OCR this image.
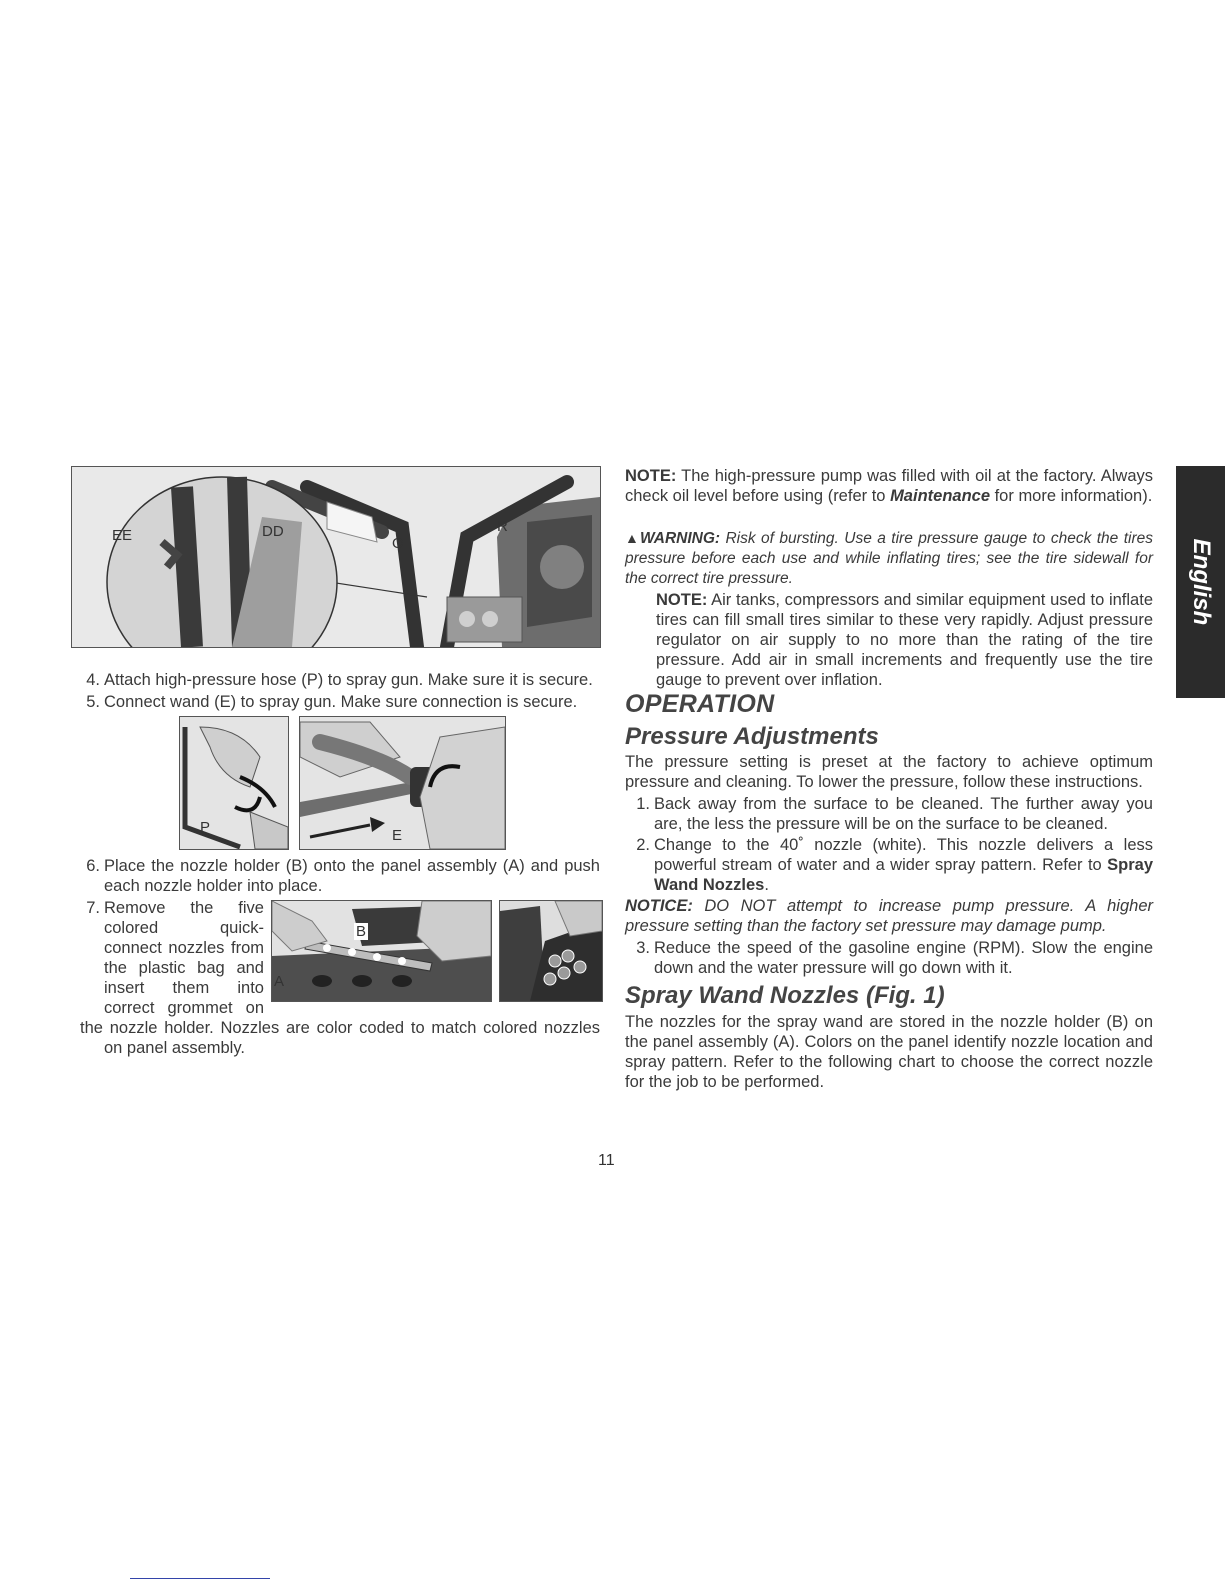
EE	DD
O
R
4. Attach high-pressure hose (P) to spray gun. Make sure it is secure.
5. Connect wand (E) to spray gun. Make sure connection is secure.
P	E
6. Place the nozzle holder (B) onto the panel assembly (A) and push each nozzle holder into place.
7. Remove the five
colored quick-
connect nozzles from
the plastic bag and
insert them into
correct grommet on
the nozzle holder. Nozzles are color coded to match colored nozzles on panel assembly.
B
A
NOTE: The high-pressure pump was filled with oil at the factory. Always check oil level before using (refer to Maintenance for more information).
▲WARNING: Risk of bursting. Use a tire pressure gauge to check the tires pressure before each use and while inflating tires; see the tire sidewall for the correct tire pressure.
NOTE: Air tanks, compressors and similar equipment used to inflate tires can fill small tires similar to these very rapidly. Adjust pressure regulator on air supply to no more than the rating of the tire pressure. Add air in small increments and frequently use the tire gauge to prevent over inflation.
OPERATION
Pressure Adjustments
The pressure setting is preset at the factory to achieve optimum pressure and cleaning. To lower the pressure, follow these instructions.
1. Back away from the surface to be cleaned. The further away you are, the less the pressure will be on the surface to be cleaned.
2. Change to the 40˚ nozzle (white). This nozzle delivers a less powerful stream of water and a wider spray pattern. Refer to Spray Wand Nozzles.
NOTICE: DO NOT attempt to increase pump pressure. A higher pressure setting than the factory set pressure may damage pump.
3. Reduce the speed of the gasoline engine (RPM). Slow the engine down and the water pressure will go down with it.
Spray Wand Nozzles (Fig. 1)
The nozzles for the spray wand are stored in the nozzle holder (B) on the panel assembly (A). Colors on the panel identify nozzle location and spray pattern. Refer to the following chart to choose the correct nozzle for the job to be performed.
English
11
